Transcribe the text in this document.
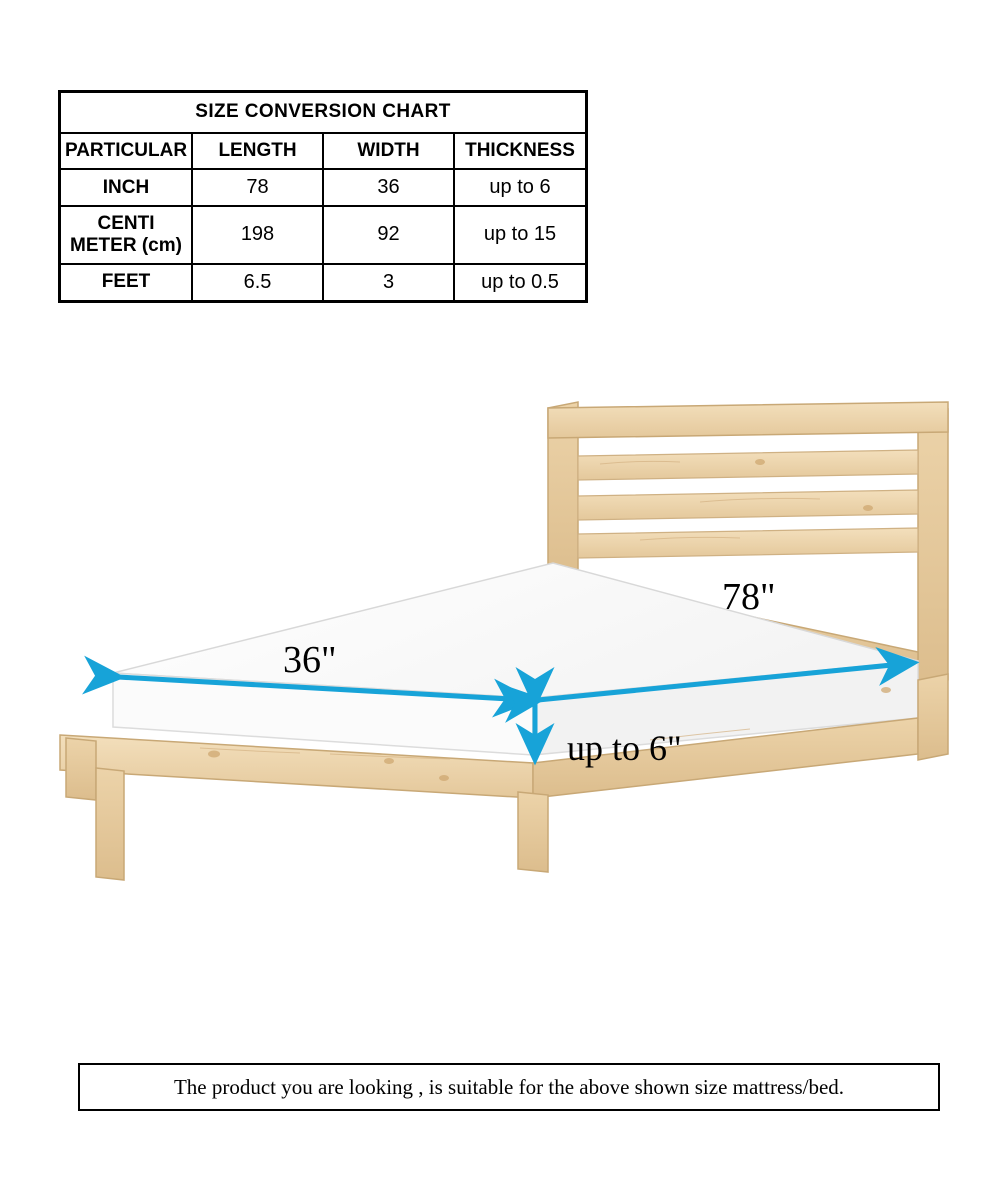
SIZE CONVERSION CHART			
PARTICULAR	LENGTH	WIDTH	THICKNESS
INCH	78	36	up to 6
CENTI METER (cm)	198	92	up to 15
FEET	6.5	3	up to 0.5
36"
78"
up to 6"
The product you are looking , is suitable for the above shown size mattress/bed.
